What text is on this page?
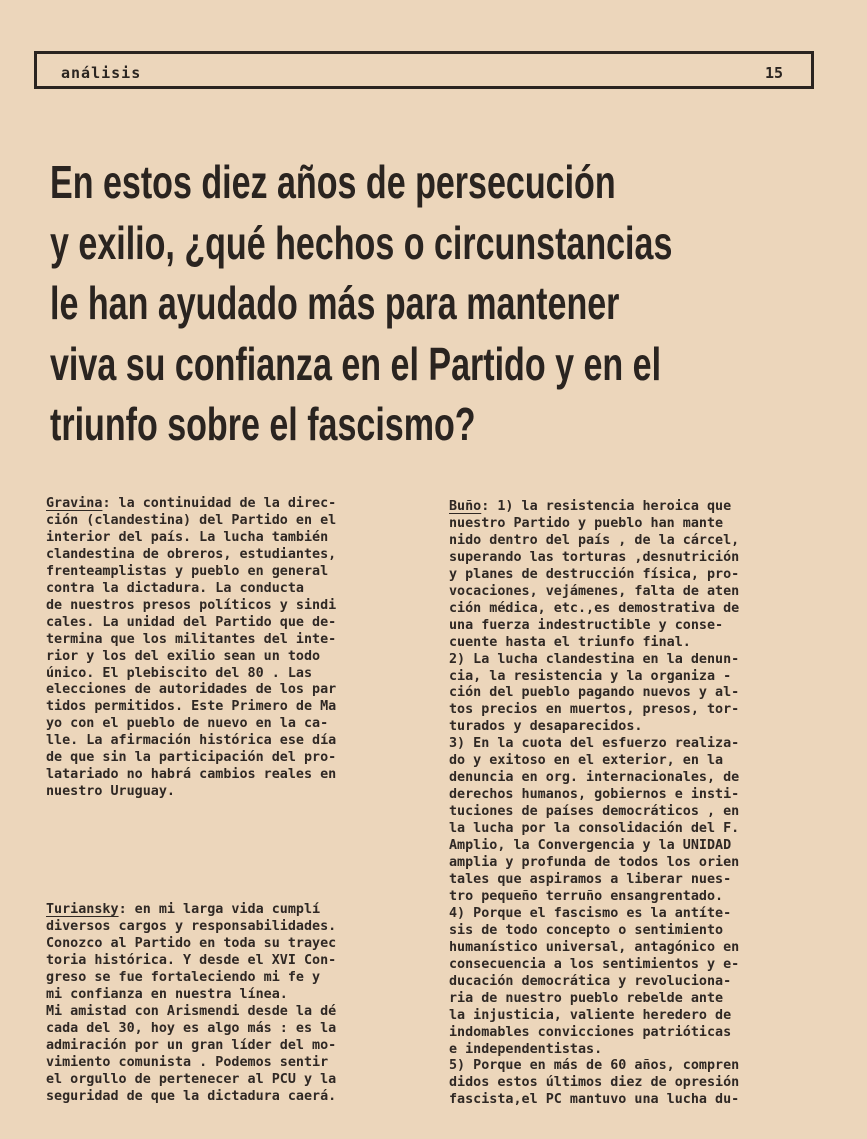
análisis	15
En estos diez años de persecución
y exilio, ¿qué hechos o circunstancias
le han ayudado más para mantener
viva su confianza en el Partido y en el
triunfo sobre el fascismo?
Gravina: la continuidad de la direc-
ción (clandestina) del Partido en el
interior del país. La lucha también
clandestina de obreros, estudiantes,
frenteamplistas y pueblo en general
contra la dictadura. La conducta
de nuestros presos políticos y sindi
cales. La unidad del Partido que de-
termina que los militantes del inte-
rior y los del exilio sean un todo
único. El plebiscito del 80 . Las
elecciones de autoridades de los par
tidos permitidos. Este Primero de Ma
yo con el pueblo de nuevo en la ca-
lle. La afirmación histórica ese día
de que sin la participación del pro-
latariado no habrá cambios reales en
nuestro Uruguay.
Turiansky: en mi larga vida cumplí
diversos cargos y responsabilidades.
Conozco al Partido en toda su trayec
toria histórica. Y desde el XVI Con-
greso se fue fortaleciendo mi fe y
mi confianza en nuestra línea.
Mi amistad con Arismendi desde la dé
cada del 30, hoy es algo más : es la
admiración por un gran líder del mo-
vimiento comunista . Podemos sentir
el orgullo de pertenecer al PCU y la
seguridad de que la dictadura caerá.
Buño: 1) la resistencia heroica que
nuestro Partido y pueblo han mante
nido dentro del país , de la cárcel,
superando las torturas ,desnutrición
y planes de destrucción física, pro-
vocaciones, vejámenes, falta de aten
ción médica, etc.,es demostrativa de
una fuerza indestructible y conse-
cuente hasta el triunfo final.
2) La lucha clandestina en la denun-
cia, la resistencia y la organiza -
ción del pueblo pagando nuevos y al-
tos precios en muertos, presos, tor-
turados y desaparecidos.
3) En la cuota del esfuerzo realiza-
do y exitoso en el exterior, en la
denuncia en org. internacionales, de
derechos humanos, gobiernos e insti-
tuciones de países democráticos , en
la lucha por la consolidación del F.
Amplio, la Convergencia y la UNIDAD
amplia y profunda de todos los orien
tales que aspiramos a liberar nues-
tro pequeño terruño ensangrentado.
4) Porque el fascismo es la antíte-
sis de todo concepto o sentimiento
humanístico universal, antagónico en
consecuencia a los sentimientos y e-
ducación democrática y revoluciona-
ria de nuestro pueblo rebelde ante
la injusticia, valiente heredero de
indomables convicciones patrióticas
e independentistas.
5) Porque en más de 60 años, compren
didos estos últimos diez de opresión
fascista,el PC mantuvo una lucha du-
